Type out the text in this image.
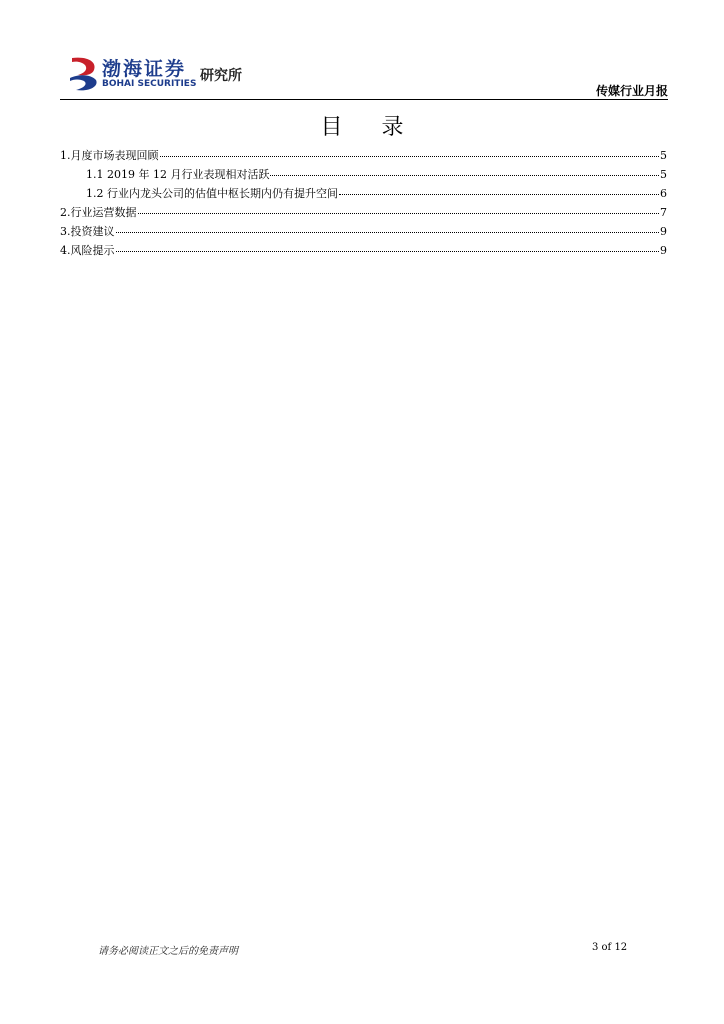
渤海证券
BOHAI SECURITIES 研究所
传媒行业月报
目 录
1.月度市场表现回顾	5
1.1 2019 年 12 月行业表现相对活跃	5
1.2 行业内龙头公司的估值中枢长期内仍有提升空间	6
2.行业运营数据	7
3.投资建议	9
4.风险提示	9
请务必阅读正文之后的免责声明	3 of 12
